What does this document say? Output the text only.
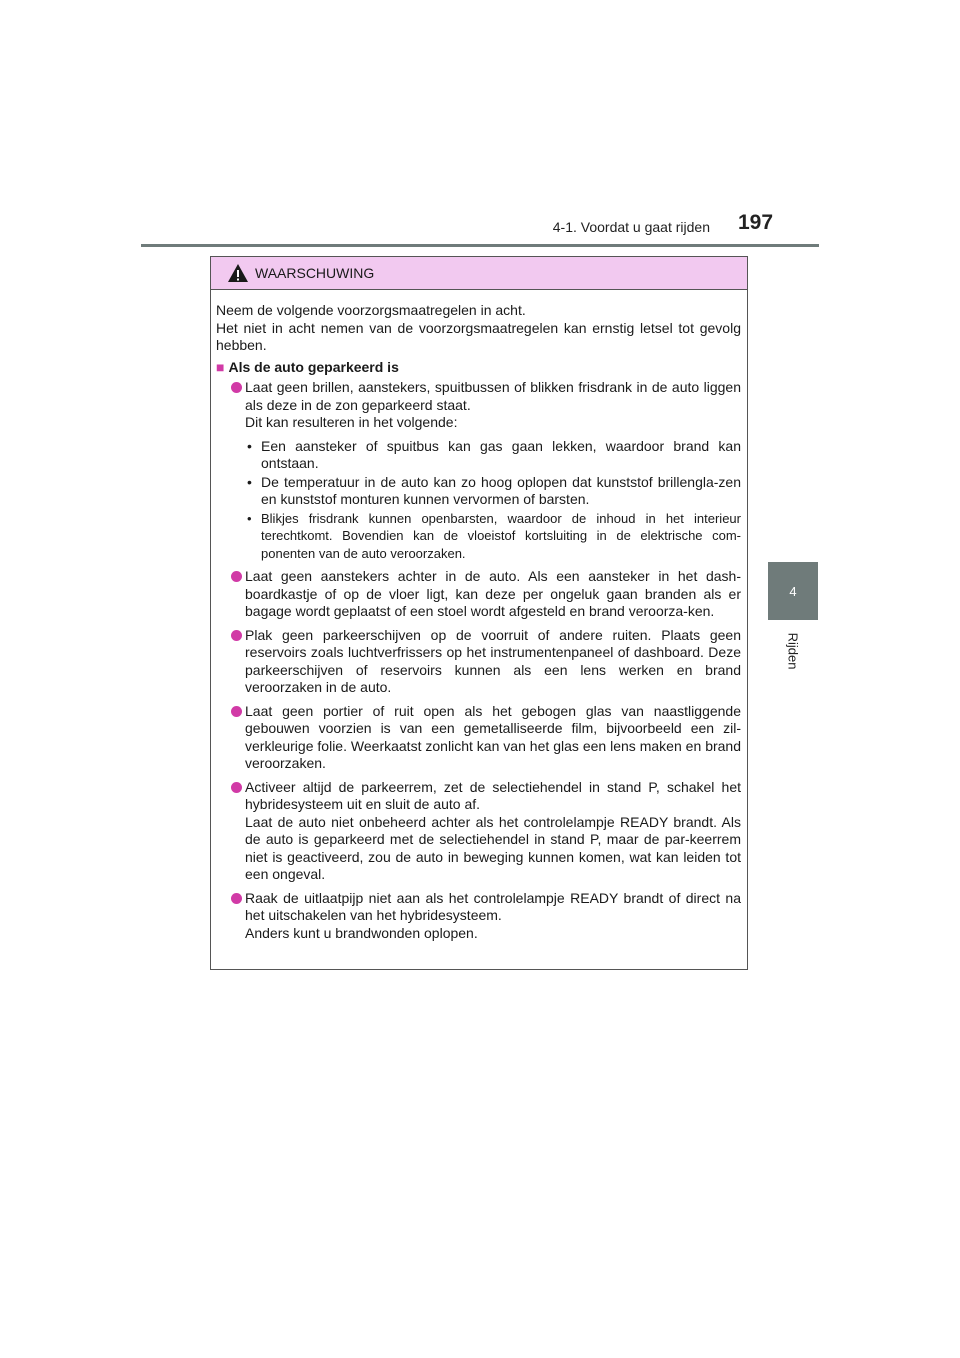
4-1. Voordat u gaat rijden 197
4
Rijden
WAARSCHUWING

Neem de volgende voorzorgsmaatregelen in acht.

Het niet in acht nemen van de voorzorgsmaatregelen kan ernstig letsel tot gevolg hebben.

■ Als de auto geparkeerd is

Laat geen brillen, aanstekers, spuitbussen of blikken frisdrank in de auto liggen als deze in de zon geparkeerd staat.

Dit kan resulteren in het volgende:

• Een aansteker of spuitbus kan gas gaan lekken, waardoor brand kan ontstaan.
• De temperatuur in de auto kan zo hoog oplopen dat kunststof brillengla-zen en kunststof monturen kunnen vervormen of barsten.
• Blikjes frisdrank kunnen openbarsten, waardoor de inhoud in het interieur terechtkomt. Bovendien kan de vloeistof kortsluiting in de elektrische com-ponenten van de auto veroorzaken.

Laat geen aanstekers achter in de auto. Als een aansteker in het dash-boardkastje of op de vloer ligt, kan deze per ongeluk gaan branden als er bagage wordt geplaatst of een stoel wordt afgesteld en brand veroorza-ken.

Plak geen parkeerschijven op de voorruit of andere ruiten. Plaats geen reservoirs zoals luchtverfrissers op het instrumentenpaneel of dashboard. Deze parkeerschijven of reservoirs kunnen als een lens werken en brand veroorzaken in de auto.

Laat geen portier of ruit open als het gebogen glas van naastliggende gebouwen voorzien is van een gemetalliseerde film, bijvoorbeeld een zil-verkleurige folie. Weerkaatst zonlicht kan van het glas een lens maken en brand veroorzaken.

Activeer altijd de parkeerrem, zet de selectiehendel in stand P, schakel het hybridesysteem uit en sluit de auto af.

Laat de auto niet onbeheerd achter als het controlelampje READY brandt. Als de auto is geparkeerd met de selectiehendel in stand P, maar de par-keerrem niet is geactiveerd, zou de auto in beweging kunnen komen, wat kan leiden tot een ongeval.

Raak de uitlaatpijp niet aan als het controlelampje READY brandt of direct na het uitschakelen van het hybridesysteem.

Anders kunt u brandwonden oplopen.
